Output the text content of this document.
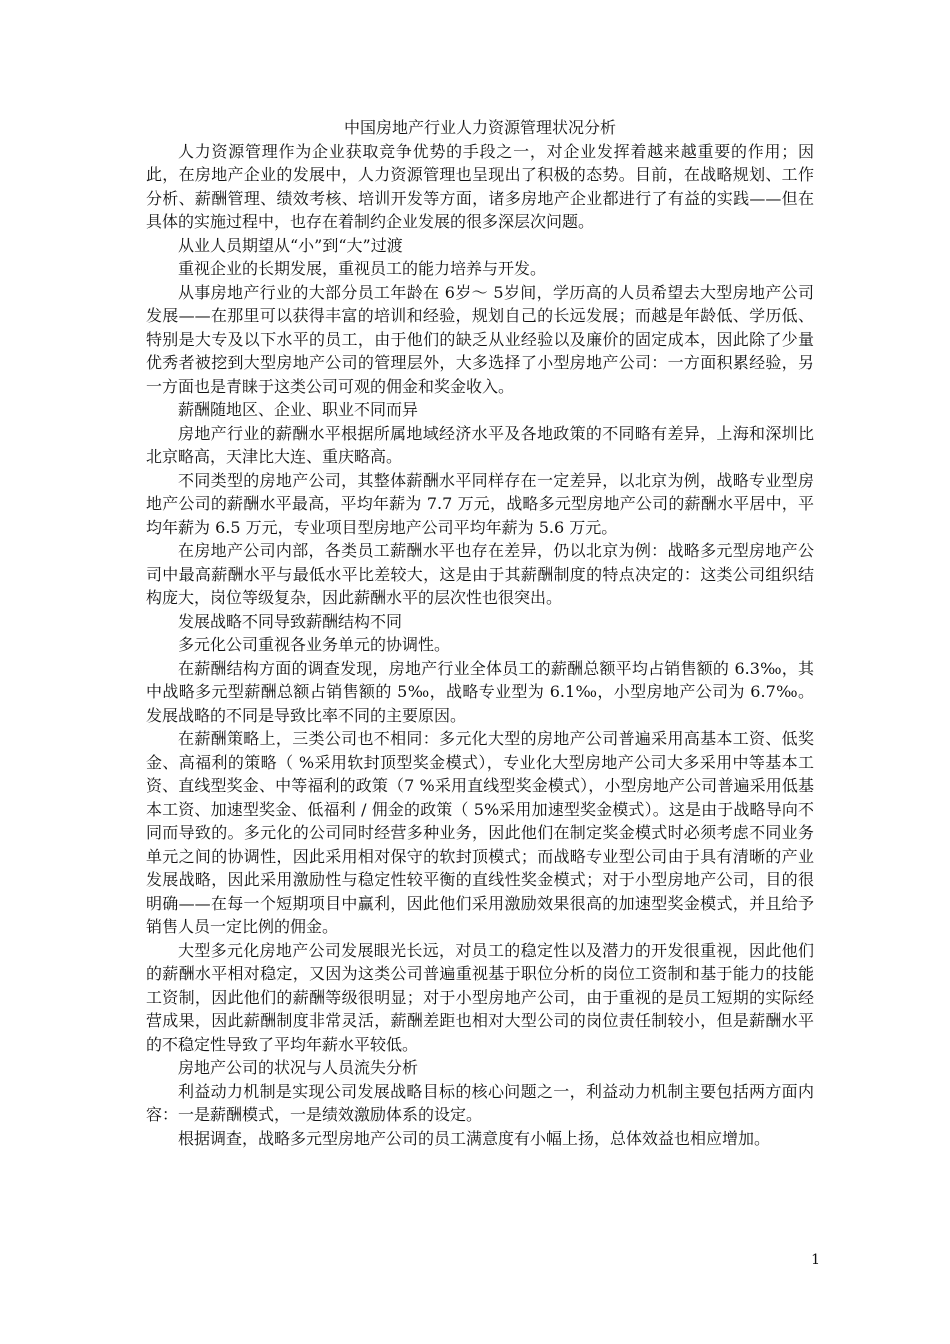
中国房地产行业人力资源管理状况分析

人力资源管理作为企业获取竞争优势的手段之一，对企业发挥着越来越重要的作用；因此，在房地产企业的发展中，人力资源管理也呈现出了积极的态势。目前，在战略规划、工作分析、薪酬管理、绩效考核、培训开发等方面，诸多房地产企业都进行了有益的实践——但在具体的实施过程中，也存在着制约企业发展的很多深层次问题。

从业人员期望从“小”到“大”过渡

重视企业的长期发展，重视员工的能力培养与开发。

从事房地产行业的大部分员工年龄在 6岁～ 5岁间，学历高的人员希望去大型房地产公司发展——在那里可以获得丰富的培训和经验，规划自己的长远发展；而越是年龄低、学历低、特别是大专及以下水平的员工，由于他们的缺乏从业经验以及廉价的固定成本，因此除了少量优秀者被挖到大型房地产公司的管理层外，大多选择了小型房地产公司：一方面积累经验，另一方面也是青睐于这类公司可观的佣金和奖金收入。

薪酬随地区、企业、职业不同而异

房地产行业的薪酬水平根据所属地域经济水平及各地政策的不同略有差异，上海和深圳比北京略高，天津比大连、重庆略高。

不同类型的房地产公司，其整体薪酬水平同样存在一定差异，以北京为例，战略专业型房地产公司的薪酬水平最高，平均年薪为 7.7 万元，战略多元型房地产公司的薪酬水平居中，平均年薪为 6.5 万元，专业项目型房地产公司平均年薪为 5.6 万元。

在房地产公司内部，各类员工薪酬水平也存在差异，仍以北京为例：战略多元型房地产公司中最高薪酬水平与最低水平比差较大，这是由于其薪酬制度的特点决定的：这类公司组织结构庞大，岗位等级复杂，因此薪酬水平的层次性也很突出。

发展战略不同导致薪酬结构不同

多元化公司重视各业务单元的协调性。

在薪酬结构方面的调查发现，房地产行业全体员工的薪酬总额平均占销售额的 6.3‰，其中战略多元型薪酬总额占销售额的 5‰，战略专业型为 6.1‰，小型房地产公司为 6.7‰。发展战略的不同是导致比率不同的主要原因。

在薪酬策略上，三类公司也不相同：多元化大型的房地产公司普遍采用高基本工资、低奖金、高福利的策略（ %采用软封顶型奖金模式），专业化大型房地产公司大多采用中等基本工资、直线型奖金、中等福利的政策（7 %采用直线型奖金模式），小型房地产公司普遍采用低基本工资、加速型奖金、低福利 / 佣金的政策（ 5%采用加速型奖金模式）。这是由于战略导向不同而导致的。多元化的公司同时经营多种业务，因此他们在制定奖金模式时必须考虑不同业务单元之间的协调性，因此采用相对保守的软封顶模式；而战略专业型公司由于具有清晰的产业发展战略，因此采用激励性与稳定性较平衡的直线性奖金模式；对于小型房地产公司，目的很明确——在每一个短期项目中赢利，因此他们采用激励效果很高的加速型奖金模式，并且给予销售人员一定比例的佣金。

大型多元化房地产公司发展眼光长远，对员工的稳定性以及潜力的开发很重视，因此他们的薪酬水平相对稳定，又因为这类公司普遍重视基于职位分析的岗位工资制和基于能力的技能工资制，因此他们的薪酬等级很明显；对于小型房地产公司，由于重视的是员工短期的实际经营成果，因此薪酬制度非常灵活，薪酬差距也相对大型公司的岗位责任制较小，但是薪酬水平的不稳定性导致了平均年薪水平较低。

房地产公司的状况与人员流失分析

利益动力机制是实现公司发展战略目标的核心问题之一，利益动力机制主要包括两方面内容：一是薪酬模式，一是绩效激励体系的设定。

根据调查，战略多元型房地产公司的员工满意度有小幅上扬，总体效益也相应增加。

1
